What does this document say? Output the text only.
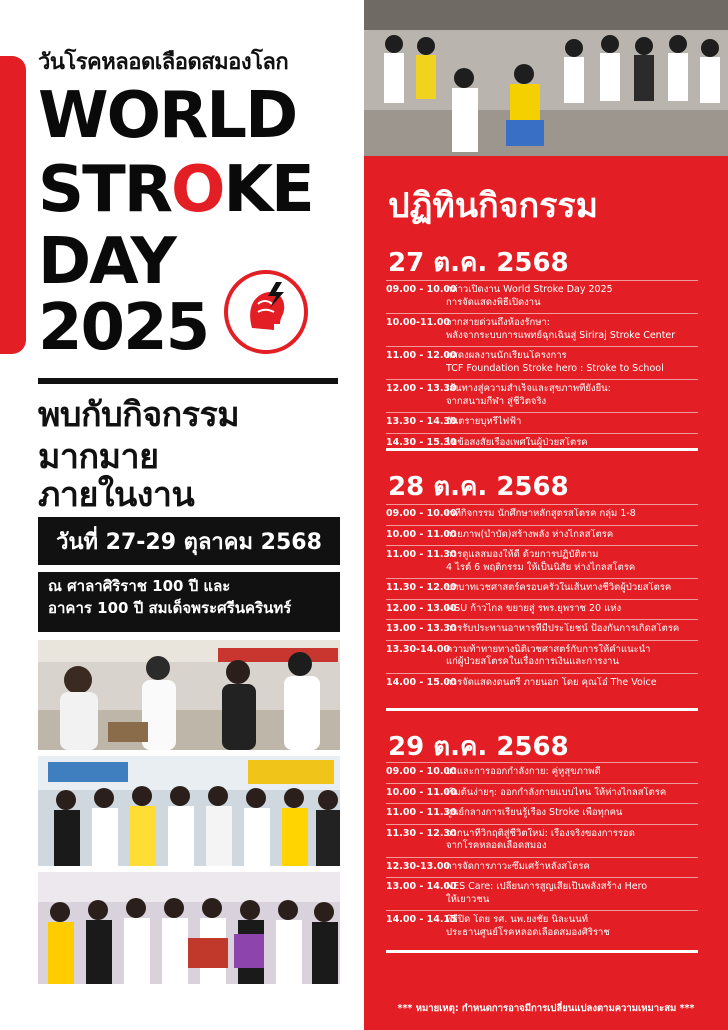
วันโรคหลอดเลือดสมองโลก
WORLD
STROKE
DAY
2025
พบกับกิจกรรม
มากมาย
ภายในงาน
วันที่ 27-29 ตุลาคม 2568
ณ ศาลาศิริราช 100 ปี และ
อาคาร 100 ปี สมเด็จพระศรีนครินทร์
ปฏิทินกิจกรรม
27 ต.ค. 2568
09.00 - 10.00
กล่าวเปิดงาน World Stroke Day 2025
การจัดแสดงพิธีเปิดงาน
10.00-11.00
จากสายด่วนถึงห้องรักษา:
พลังจากระบบการแพทย์ฉุกเฉินสู่ Siriraj Stroke Center
11.00 - 12.00
แสดงผลงานนักเรียนโครงการ
TCF Foundation Stroke hero : Stroke to School
12.00 - 13.30
เส้นทางสู่ความสำเร็จและสุขภาพที่ยั่งยืน:
จากสนามกีฬา สู่ชีวิตจริง
13.30 - 14.30
อันตรายบุหรี่ไฟฟ้า
14.30 - 15.30
ไขข้อสงสัยเรื่องเพศในผู้ป่วยสโตรค
28 ต.ค. 2568
09.00 - 10.00
เวทีกิจกรรม นักศึกษาหลักสูตรสโตรค กลุ่ม 1-8
10.00 - 11.00
กายภาพ(บำบัด)สร้างพลัง ห่างไกลสโตรค
11.00 - 11.30
การดูแลสมองให้ดี ด้วยการปฏิบัติตาม
4 ไรต์ 6 พฤติกรรม ให้เป็นนิสัย ห่างไกลสโตรค
11.30 - 12.00
บทบาทเวชศาสตร์ครอบครัวในเส้นทางชีวิตผู้ป่วยสโตรค
12.00 - 13.00
MSU ก้าวไกล ขยายสู่ รพร.ยุพราช 20 แห่ง
13.00 - 13.30
การรับประทานอาหารที่มีประโยชน์ ป้องกันการเกิดสโตรค
13.30-14.00
ความท้าทายทางนิติเวชศาสตร์กับการให้คำแนะนำ
แก่ผู้ป่วยสโตรคในเรื่องการเงินและการงาน
14.00 - 15.00
การจัดแสดงดนตรี ภายนอก โดย คุณโอ๋ The Voice
29 ต.ค. 2568
09.00 - 10.00
ยาและการออกกำลังกาย: คู่หูสุขภาพดี
10.00 - 11.00
เริ่มต้นง่ายๆ: ออกกำลังกายแบบไหน ให้ห่างไกลสโตรค
11.00 - 11.30
ศูนย์กลางการเรียนรู้เรื่อง Stroke เพื่อทุกคน
11.30 - 12.30
จากนาทีวิกฤติสู่ชีวิตใหม่: เรื่องจริงของการรอด
จากโรคหลอดเลือดสมอง
12.30-13.00
การจัดการภาวะซึมเศร้าหลังสโตรค
13.00 - 14.00
NES Care: เปลี่ยนการสูญเสียเป็นพลังสร้าง Hero
ให้เยาวชน
14.00 - 14.15
พิธีปิด โดย รศ. นพ.ยงชัย นิละนนท์
ประธานศูนย์โรคหลอดเลือดสมองศิริราช
*** หมายเหตุ: กำหนดการอาจมีการเปลี่ยนแปลงตามความเหมาะสม ***
